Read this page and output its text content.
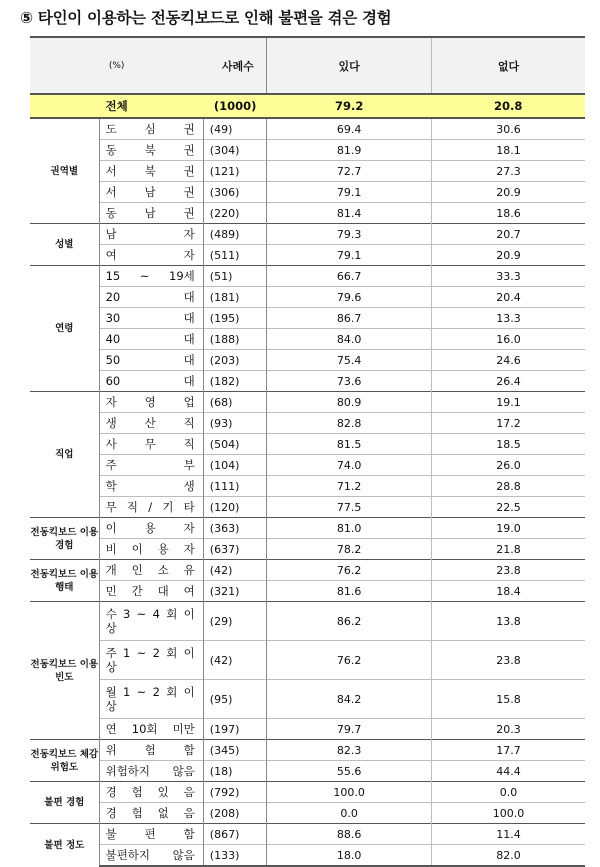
⑤ 타인이 이용하는 전동킥보드로 인해 불편을 겪은 경험
(%)		사례수	있다	없다
전체		(1000)	79.2	20.8
권역별	도 심 권	(49)	69.4	30.6
	동 북 권	(304)	81.9	18.1
	서 북 권	(121)	72.7	27.3
	서 남 권	(306)	79.1	20.9
	동 남 권	(220)	81.4	18.6
성별	남 자	(489)	79.3	20.7
	여 자	(511)	79.1	20.9
연령	15 ~ 19세	(51)	66.7	33.3
	20 대	(181)	79.6	20.4
	30 대	(195)	86.7	13.3
	40 대	(188)	84.0	16.0
	50 대	(203)	75.4	24.6
	60 대	(182)	73.6	26.4
직업	자 영 업	(68)	80.9	19.1
	생 산 직	(93)	82.8	17.2
	사 무 직	(504)	81.5	18.5
	주 부	(104)	74.0	26.0
	학 생	(111)	71.2	28.8
	무 직 / 기 타	(120)	77.5	22.5
전동킥보드 이용 경험	이 용 자	(363)	81.0	19.0
	비 이 용 자	(637)	78.2	21.8
전동킥보드 이용 행태	개 인 소 유	(42)	76.2	23.8
	민 간 대 여	(321)	81.6	18.4
전동킥보드 이용 빈도	수 3 ~ 4 회 이 상	(29)	86.2	13.8
	주 1 ~ 2 회 이 상	(42)	76.2	23.8
	월 1 ~ 2 회 이 상	(95)	84.2	15.8
	연 10회 미만	(197)	79.7	20.3
전동킥보드 체감 위험도	위 험 함	(345)	82.3	17.7
	위험하지 않음	(18)	55.6	44.4
불편 경험	경 험 있 음	(792)	100.0	0.0
	경 험 없 음	(208)	0.0	100.0
불편 정도	불 편 함	(867)	88.6	11.4
	불편하지 않음	(133)	18.0	82.0
